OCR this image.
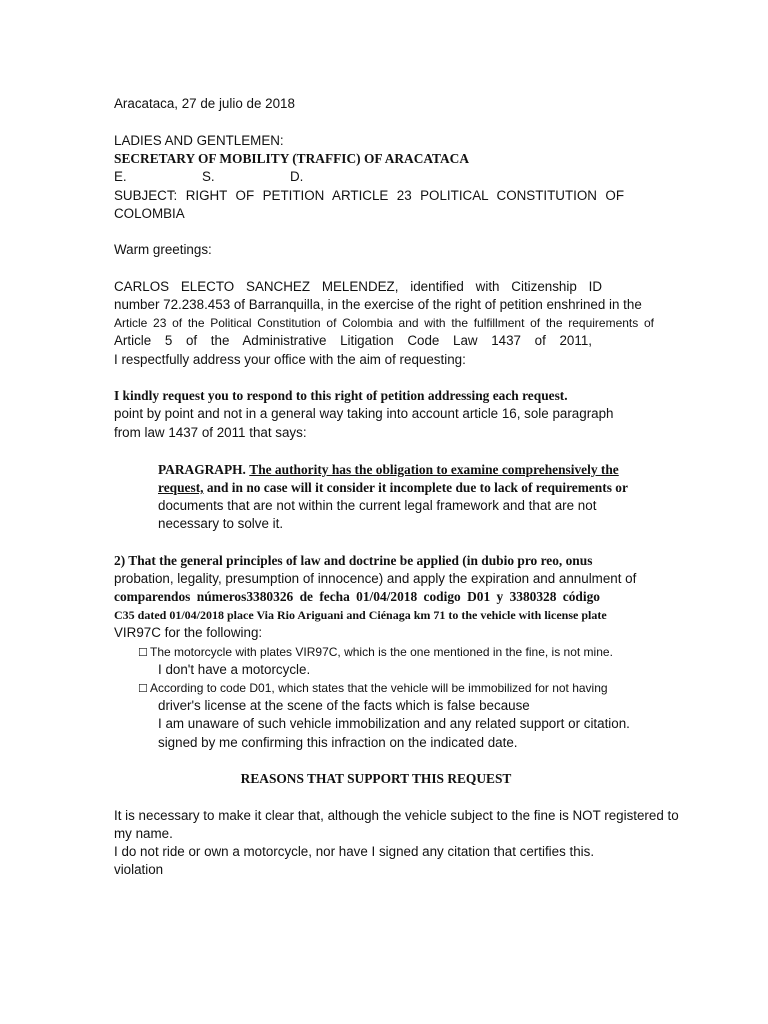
Aracataca, 27 de julio de 2018
LADIES AND GENTLEMEN:
SECRETARY OF MOBILITY (TRAFFIC) OF ARACATACA
E.	S.	D.
SUBJECT: RIGHT OF PETITION ARTICLE 23 POLITICAL CONSTITUTION OF
COLOMBIA
Warm greetings:
CARLOS ELECTO SANCHEZ MELENDEZ, identified with Citizenship ID
number 72.238.453 of Barranquilla, in the exercise of the right of petition enshrined in the
Article 23 of the Political Constitution of Colombia and with the fulfillment of the requirements of
Article 5 of the Administrative Litigation Code Law 1437 of 2011,
I respectfully address your office with the aim of requesting:
I kindly request you to respond to this right of petition addressing each request.
point by point and not in a general way taking into account article 16, sole paragraph
from law 1437 of 2011 that says:
PARAGRAPH. The authority has the obligation to examine comprehensively the
request, and in no case will it consider it incomplete due to lack of requirements or
documents that are not within the current legal framework and that are not
necessary to solve it.
2) That the general principles of law and doctrine be applied (in dubio pro reo, onus
probation, legality, presumption of innocence) and apply the expiration and annulment of
comparendos números3380326 de fecha 01/04/2018 codigo D01 y 3380328 código
C35 dated 01/04/2018 place Via Rio Ariguani and Ciénaga km 71 to the vehicle with license plate
VIR97C for the following:
☐ The motorcycle with plates VIR97C, which is the one mentioned in the fine, is not mine.
I don't have a motorcycle.
☐ According to code D01, which states that the vehicle will be immobilized for not having
driver's license at the scene of the facts which is false because
I am unaware of such vehicle immobilization and any related support or citation.
signed by me confirming this infraction on the indicated date.
REASONS THAT SUPPORT THIS REQUEST
It is necessary to make it clear that, although the vehicle subject to the fine is NOT registered to
my name.
I do not ride or own a motorcycle, nor have I signed any citation that certifies this.
violation
